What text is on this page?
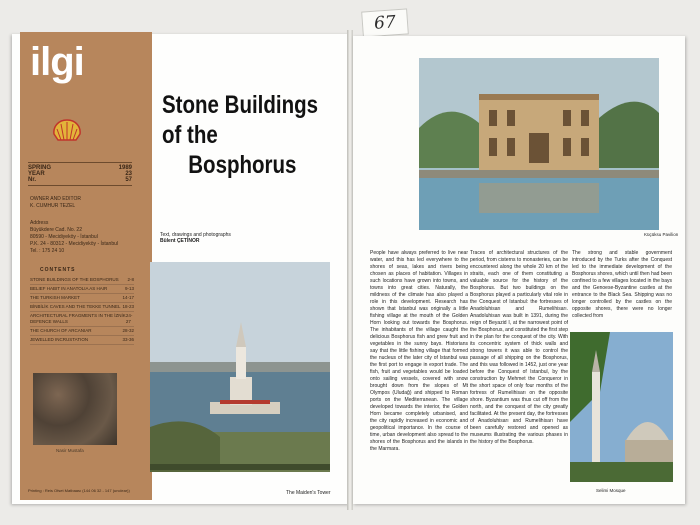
67
ilgi
SPRING	1989
YEAR	23
Nr.	57
OWNER AND EDITOR
K. CUMHUR TEZEL
Address
Büyükdere Cad. No. 22
80590 - Mecidiyeköy - İstanbul
P.K. 24 - 80312 - Mecidiyeköy - İstanbul
Tel. : 175 24 10
CONTENTS
STONE BUILDINGS OF THE BOSPHORUS 2-8
BELIEF HABIT IN ANATOLIA AS HAIR	9-13
THE TURKISH MARKET	14-17
BİNBİLİK CAVES AND THE TEKKE TUNNEL 18-23
ARCHITECTURAL FRAGMENTS IN THE İZNİK DEFENCE WALLS
24-27
THE CHURCH OF ARCANIAR	28-32
JEWELLED INCRUSTATION	33-36
Nasir Mustafa
Printing : Reis Ofset Matbaası (144 06 32 - 147 (unclear))
Stone Buildings
of the
Bosphorus
Text, drawings and photographs
Bülent ÇETİNOR
The Maiden's Tower
Küçüksu Pavilion
People have always preferred to live near water, and this has led everywhere to the shores of seas, lakes and rivers being chosen as places of habitation. Villages in such locations have grown into towns, and towns into great cities. Naturally, the mildness of the climate has also played a role in this development. Research has shown that Istanbul was originally a little fishing village at the mouth of the Golden Horn looking out towards the Bosphorus. The inhabitants of the village caught the delicious Bosphorus fish and grew fruit and vegetables in the sunny bays. Historians say that the little fishing village that formed the nucleus of the later city of Istanbul was the first port to engage in export trade. The fish, fruit and vegetables would be loaded onto sailing vessels, covered with snow brought down from the slopes of Mt Olympos (Uludağ) and shipped to Roman ports on the Mediterranean. The village developed towards the interior, the Golden Horn became completely urbanised, and the city rapidly increased in economic and geopolitical importance. In the course of time, urban development also spread to the shores of the Bosphorus and the islands in the Marmara.
Traces of architectural structures of the period, from cisterns to monasteries, can be encountered along the whole 20 km of the straits, each one of them constituting a valuable source for the history of the Bosphorus. But two buildings on the Bosphorus played a particularly vital role in the Conquest of Istanbul: the fortresses of Anadoluhisarı and Rumelihisarı. Anadoluhisarı was built in 1391, during the reign of Beyazid I, at the narrowest point of the Bosphorus, and constituted the first step in the plan for the conquest of the city. With its concentric system of thick walls and strong towers it was able to control the passage of all shipping on the Bosphorus, and this was followed in 1452, just one year before the Conquest of Istanbul, by the construction by Mehmet the Conqueror in the short space of only four months of the fortress of Rumelihisarı on the opposite shore. Byzantium was thus cut off from the north, and the conquest of the city greatly facilitated. At the present day, the fortresses of Anadoluhisarı and Rumelihisarı have been carefully restored and opened as museums illustrating the various phases in the history of the Bosphorus.
The strong and stable government introduced by the Turks after the Conquest led to the immediate development of the Bosphorus shores, which until then had been confined to a few villages located in the bays and the Genoese-Byzantine castles at the entrance to the Black Sea. Shipping was no longer controlled by the castles on the opposite shores, there were no longer collected from
Selimi Mosque
